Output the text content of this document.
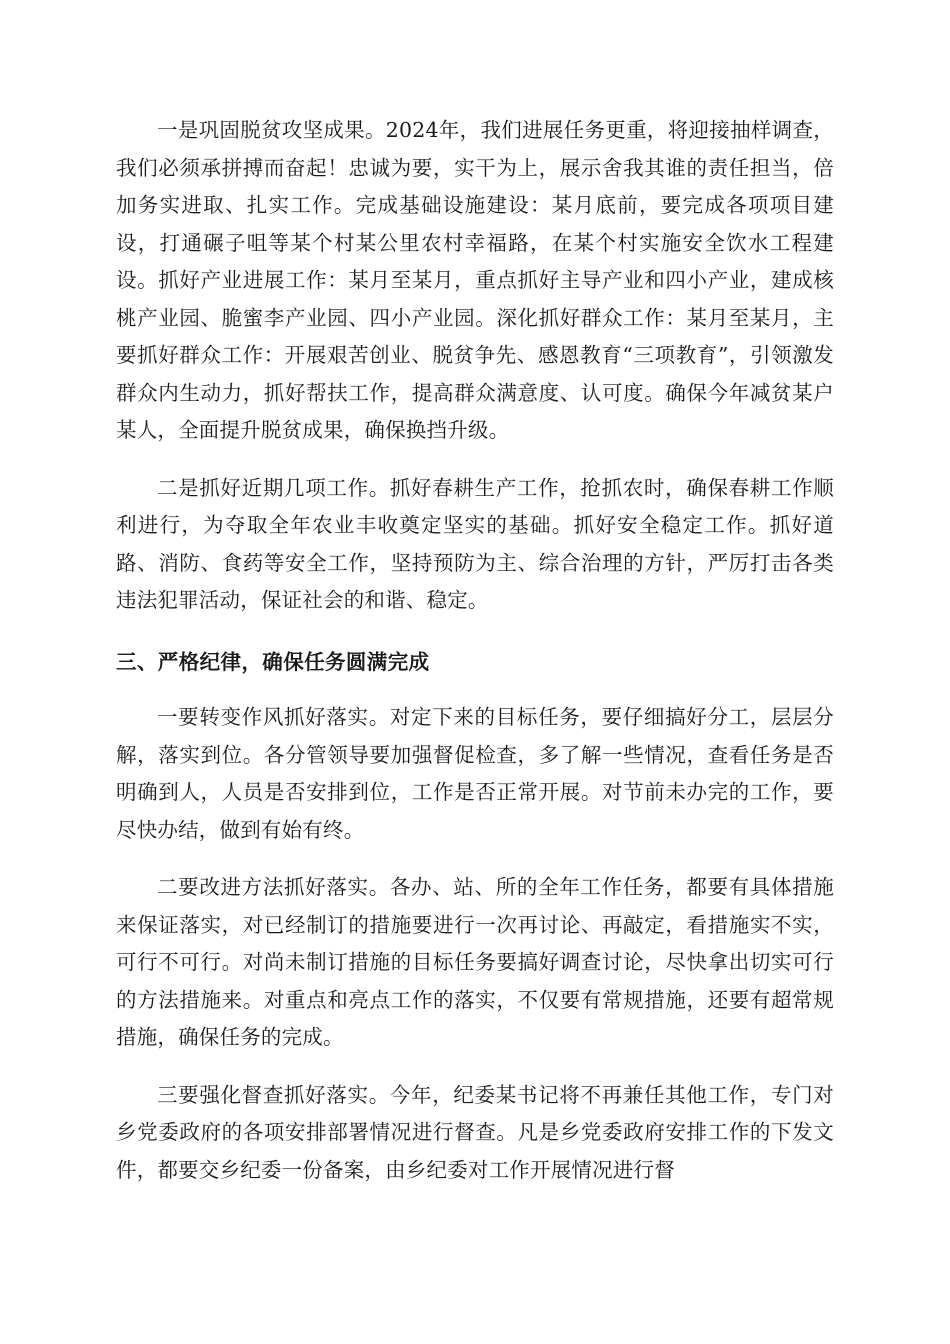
一是巩固脱贫攻坚成果。2024年，我们进展任务更重，将迎接抽样调查，我们必须承拼搏而奋起！忠诚为要，实干为上，展示舍我其谁的责任担当，倍加务实进取、扎实工作。完成基础设施建设：某月底前，要完成各项项目建设，打通碾子咀等某个村某公里农村幸福路，在某个村实施安全饮水工程建设。抓好产业进展工作：某月至某月，重点抓好主导产业和四小产业，建成核桃产业园、脆蜜李产业园、四小产业园。深化抓好群众工作：某月至某月，主要抓好群众工作：开展艰苦创业、脱贫争先、感恩教育“三项教育”，引领激发群众内生动力，抓好帮扶工作，提高群众满意度、认可度。确保今年减贫某户某人，全面提升脱贫成果，确保换挡升级。

二是抓好近期几项工作。抓好春耕生产工作，抢抓农时，确保春耕工作顺利进行，为夺取全年农业丰收奠定坚实的基础。抓好安全稳定工作。抓好道路、消防、食药等安全工作，坚持预防为主、综合治理的方针，严厉打击各类违法犯罪活动，保证社会的和谐、稳定。

三、严格纪律，确保任务圆满完成

一要转变作风抓好落实。对定下来的目标任务，要仔细搞好分工，层层分解，落实到位。各分管领导要加强督促检查，多了解一些情况，查看任务是否明确到人，人员是否安排到位，工作是否正常开展。对节前未办完的工作，要尽快办结，做到有始有终。

二要改进方法抓好落实。各办、站、所的全年工作任务，都要有具体措施来保证落实，对已经制订的措施要进行一次再讨论、再敲定，看措施实不实，可行不可行。对尚未制订措施的目标任务要搞好调查讨论，尽快拿出切实可行的方法措施来。对重点和亮点工作的落实，不仅要有常规措施，还要有超常规措施，确保任务的完成。

三要强化督查抓好落实。今年，纪委某书记将不再兼任其他工作，专门对乡党委政府的各项安排部署情况进行督查。凡是乡党委政府安排工作的下发文件，都要交乡纪委一份备案，由乡纪委对工作开展情况进行督
